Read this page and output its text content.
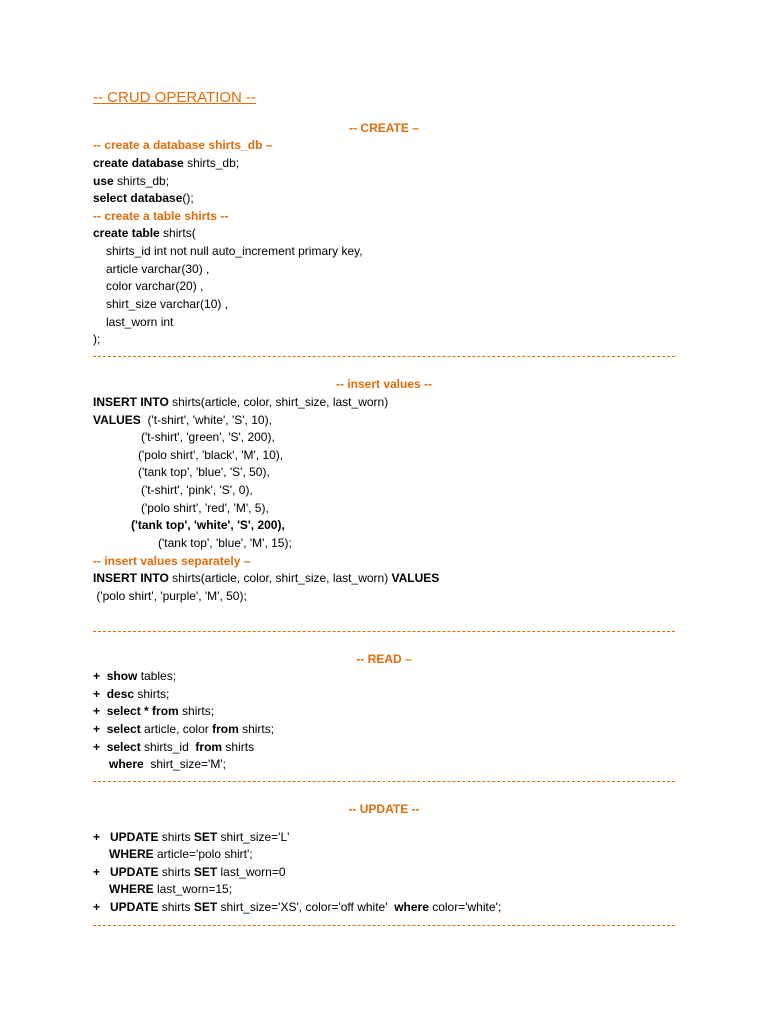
-- CRUD OPERATION --
-- CREATE –
-- create a database shirts_db –
create database shirts_db;
use shirts_db;
select database();
-- create a table shirts --
create table shirts(
shirts_id int not null auto_increment primary key,
article varchar(30) ,
color varchar(20) ,
shirt_size varchar(10) ,
last_worn int
);
-- insert values --
INSERT INTO shirts(article, color, shirt_size, last_worn)
VALUES  ('t-shirt', 'white', 'S', 10),
('t-shirt', 'green', 'S', 200),
('polo shirt', 'black', 'M', 10),
('tank top', 'blue', 'S', 50),
('t-shirt', 'pink', 'S', 0),
('polo shirt', 'red', 'M', 5),
('tank top', 'white', 'S', 200),
('tank top', 'blue', 'M', 15);
-- insert values separately –
INSERT INTO shirts(article, color, shirt_size, last_worn) VALUES
('polo shirt', 'purple', 'M', 50);
-- READ –
+  show tables;
+  desc shirts;
+  select * from shirts;
+  select article, color from shirts;
+  select shirts_id  from shirts
where  shirt_size='M';
-- UPDATE --
+   UPDATE shirts SET shirt_size='L'
WHERE article='polo shirt';
+   UPDATE shirts SET last_worn=0
WHERE last_worn=15;
+   UPDATE shirts SET shirt_size='XS', color='off white'  where color='white';
